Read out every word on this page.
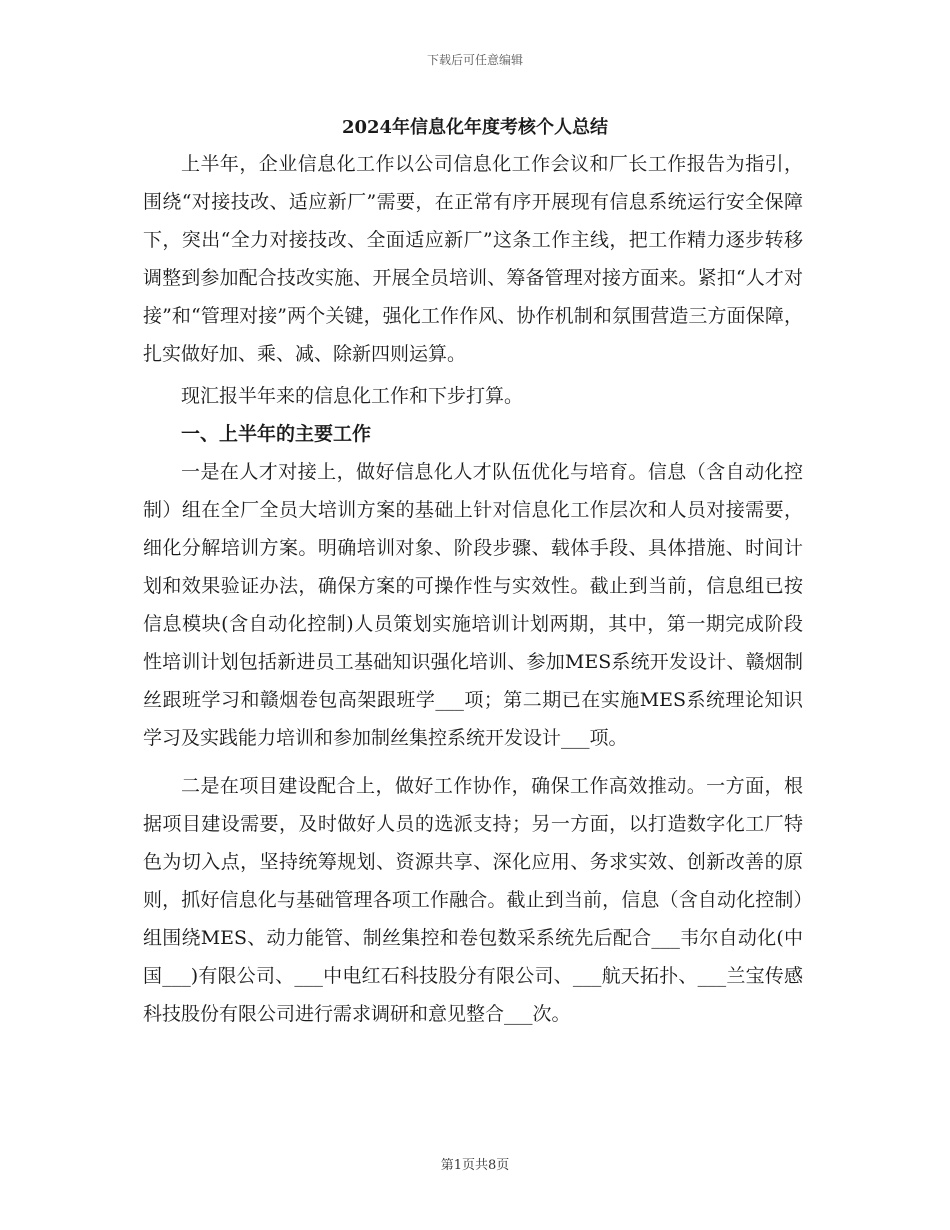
下载后可任意编辑
2024年信息化年度考核个人总结

上半年，企业信息化工作以公司信息化工作会议和厂长工作报告为指引，围绕“对接技改、适应新厂”需要，在正常有序开展现有信息系统运行安全保障下，突出“全力对接技改、全面适应新厂”这条工作主线，把工作精力逐步转移调整到参加配合技改实施、开展全员培训、筹备管理对接方面来。紧扣“人才对接”和“管理对接”两个关键，强化工作作风、协作机制和氛围营造三方面保障，扎实做好加、乘、减、除新四则运算。

现汇报半年来的信息化工作和下步打算。

一、上半年的主要工作

一是在人才对接上，做好信息化人才队伍优化与培育。信息（含自动化控制）组在全厂全员大培训方案的基础上针对信息化工作层次和人员对接需要，细化分解培训方案。明确培训对象、阶段步骤、载体手段、具体措施、时间计划和效果验证办法，确保方案的可操作性与实效性。截止到当前，信息组已按信息模块(含自动化控制)人员策划实施培训计划两期，其中，第一期完成阶段性培训计划包括新进员工基础知识强化培训、参加MES系统开发设计、赣烟制丝跟班学习和赣烟卷包高架跟班学___项；第二期已在实施MES系统理论知识学习及实践能力培训和参加制丝集控系统开发设计___项。

二是在项目建设配合上，做好工作协作，确保工作高效推动。一方面，根据项目建设需要，及时做好人员的选派支持；另一方面，以打造数字化工厂特色为切入点，坚持统筹规划、资源共享、深化应用、务求实效、创新改善的原则，抓好信息化与基础管理各项工作融合。截止到当前，信息（含自动化控制）组围绕MES、动力能管、制丝集控和卷包数采系统先后配合___韦尔自动化(中国___)有限公司、___中电红石科技股分有限公司、___航天拓扑、___兰宝传感科技股份有限公司进行需求调研和意见整合___次。

第1页共8页
